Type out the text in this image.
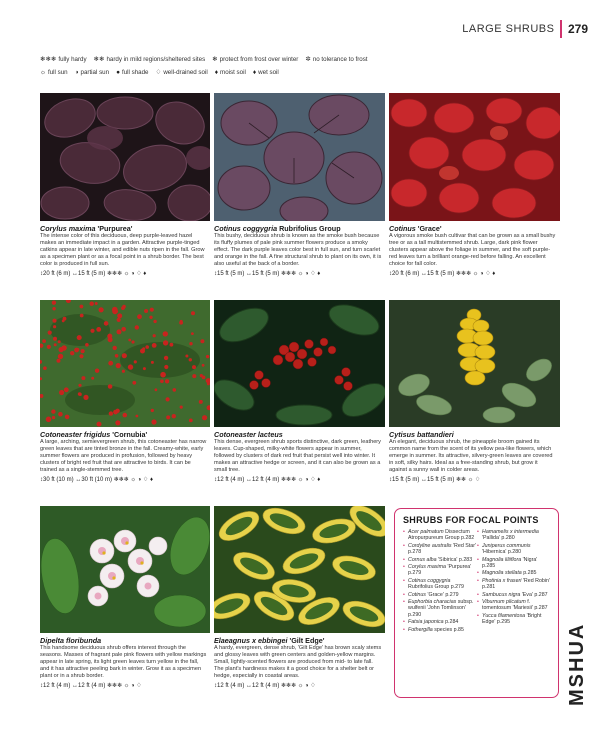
LARGE SHRUBS 279
❄❄❄ fully hardy ❄❄ hardy in mild regions/sheltered sites ❄ protect from frost over winter ✲ no tolerance to frost
☼ full sun ◑ partial sun ● full shade ♢ well-drained soil ♦ moist soil ♦ wet soil
Corylus maxima 'Purpurea'

The intense color of this deciduous, deep purple-leaved hazel makes an immediate impact in a garden. Attractive purple-tinged catkins appear in late winter, and edible nuts ripen in the fall. Grow as a specimen plant or as a focal point in a shrub border. The best color is produced in full sun.

↕20 ft (6 m) ↔15 ft (5 m) ❄❄❄ ☼ ◑ ♢ ♦
Cotinus coggygria Rubrifolius Group

This bushy, deciduous shrub is known as the smoke bush because its fluffy plumes of pale pink summer flowers produce a smoky effect. The dark purple leaves color best in full sun, and turn scarlet and orange in the fall. A fine structural shrub to plant on its own, it is also useful at the back of a border.

↕15 ft (5 m) ↔15 ft (5 m) ❄❄❄ ☼ ◑ ♢ ♦
Cotinus 'Grace'

A vigorous smoke bush cultivar that can be grown as a small bushy tree or as a tall multistemmed shrub. Large, dark pink flower clusters appear above the foliage in summer, and the soft purple-red leaves turn a brilliant orange-red before falling. An excellent choice for fall color.

↕20 ft (6 m) ↔15 ft (5 m) ❄❄❄ ☼ ◑ ♢ ♦
Cotoneaster frigidus 'Cornubia'

A large, arching, semievergreen shrub, this cotoneaster has narrow green leaves that are tinted bronze in the fall. Creamy-white, early summer flowers are produced in profusion, followed by heavy clusters of bright red fruit that are attractive to birds. It can be trained as a single-stemmed tree.

↕30 ft (10 m) ↔30 ft (10 m) ❄❄❄ ☼ ◑ ♢ ♦
Cotoneaster lacteus

This dense, evergreen shrub sports distinctive, dark green, leathery leaves. Cup-shaped, milky-white flowers appear in summer, followed by clusters of dark red fruit that persist well into winter. It makes an attractive hedge or screen, and it can also be grown as a small tree.

↕12 ft (4 m) ↔12 ft (4 m) ❄❄❄ ☼ ◑ ♢ ♦
Cytisus battandieri

An elegant, deciduous shrub, the pineapple broom gained its common name from the scent of its yellow pea-like flowers, which emerge in summer. Its attractive, silvery-green leaves are covered in soft, silky hairs. Ideal as a free-standing shrub, but grow it against a sunny wall in colder areas.

↕15 ft (5 m) ↔15 ft (5 m) ❄❄ ☼ ♢
Dipelta floribunda

This handsome deciduous shrub offers interest through the seasons. Masses of fragrant pale pink flowers with yellow markings appear in late spring, its light green leaves turn yellow in the fall, and it has attractive peeling bark in winter. Grow it as a specimen plant or in a shrub border.

↕12 ft (4 m) ↔12 ft (4 m) ❄❄❄ ☼ ◑ ♢
Elaeagnus x ebbingei 'Gilt Edge'

A hardy, evergreen, dense shrub, 'Gilt Edge' has brown scaly stems and glossy leaves with green centers and golden-yellow margins. Small, lightly-scented flowers are produced from mid- to late fall. The plant's hardiness makes it a good choice for a shelter belt or hedge, especially in coastal areas.

↕12 ft (4 m) ↔12 ft (4 m) ❄❄❄ ☼ ◑ ♢
SHRUBS FOR FOCAL POINTS
• Acer palmatum Dissectum Atropurpureum Group p.282
• Cordyline australis 'Red Star' p.278
• Cornus alba 'Sibirica' p.283
• Corylus maxima 'Purpurea' p.279
• Cotinus coggygria Rubrifolius Group p.279
• Cotinus 'Grace' p.279
• Euphorbia characias subsp. wulfenii 'John Tomlinson' p.290
• Fatsia japonica p.284
• Fothergilla species p.85
• Hamamelis x intermedia 'Pallida' p.280
• Juniperus communis 'Hibernica' p.280
• Magnolia liliiflora 'Nigra' p.285
• Magnolia stellata p.285
• Photinia x fraseri 'Red Robin' p.281
• Sambucus nigra 'Eva' p.287
• Viburnum plicatum f. tomentosum 'Mariesii' p.287
• Yucca filamentosa 'Bright Edge' p.295
MSHUA
